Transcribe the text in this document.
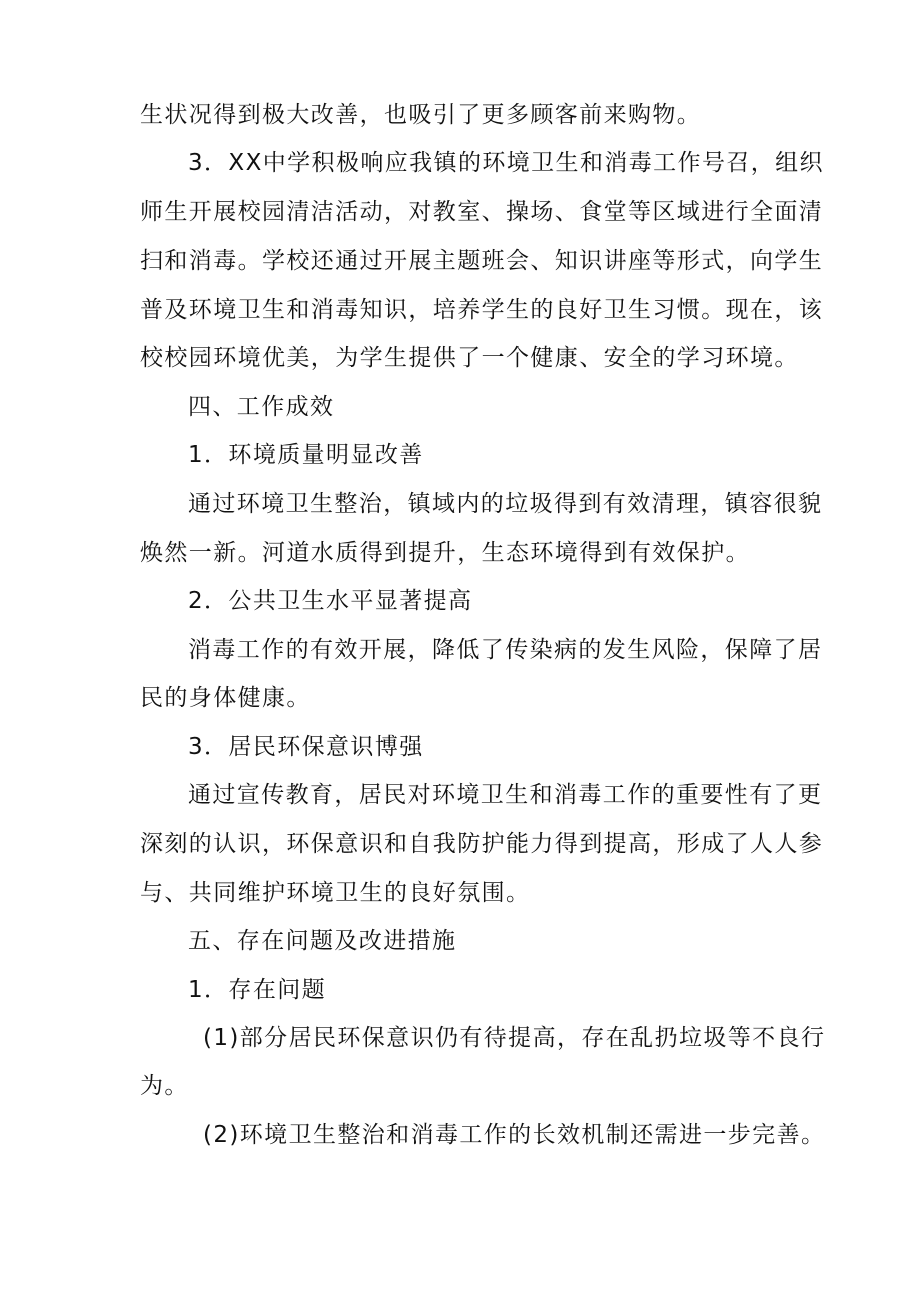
生状况得到极大改善，也吸引了更多顾客前来购物。
3．XX中学积极响应我镇的环境卫生和消毒工作号召，组织
师生开展校园清洁活动，对教室、操场、食堂等区域进行全面清
扫和消毒。学校还通过开展主题班会、知识讲座等形式，向学生
普及环境卫生和消毒知识，培养学生的良好卫生习惯。现在，该
校校园环境优美，为学生提供了一个健康、安全的学习环境。
四、工作成效
1．环境质量明显改善
通过环境卫生整治，镇域内的垃圾得到有效清理，镇容很貌
焕然一新。河道水质得到提升，生态环境得到有效保护。
2．公共卫生水平显著提高
消毒工作的有效开展，降低了传染病的发生风险，保障了居
民的身体健康。
3．居民环保意识博强
通过宣传教育，居民对环境卫生和消毒工作的重要性有了更
深刻的认识，环保意识和自我防护能力得到提高，形成了人人参
与、共同维护环境卫生的良好氛围。
五、存在问题及改进措施
1．存在问题
(1)部分居民环保意识仍有待提高，存在乱扔垃圾等不良行
为。
(2)环境卫生整治和消毒工作的长效机制还需进一步完善。
